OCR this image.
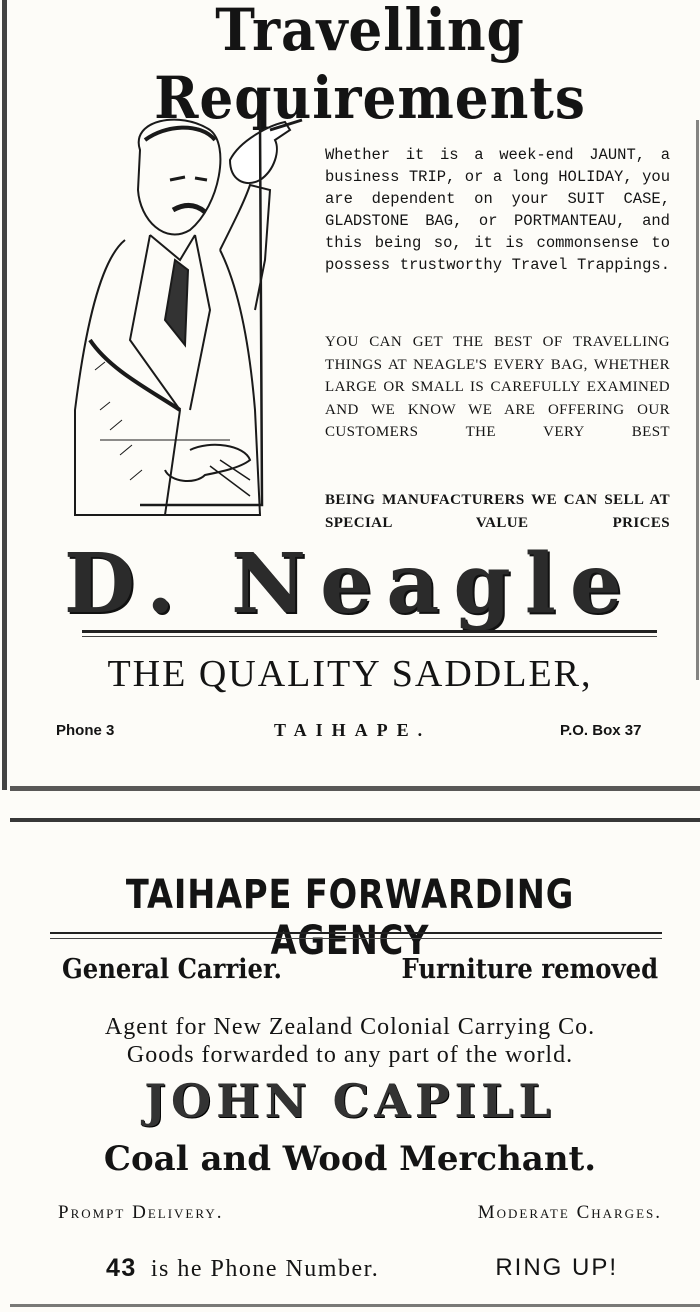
Travelling Requirements

Whether it is a week-end JAUNT, a business TRIP, or a long HOLIDAY, you are dependent on your SUIT CASE, GLADSTONE BAG, or PORTMANTEAU, and this being so, it is commonsense to possess trustworthy Travel Trappings.

YOU CAN GET THE BEST OF TRAVELLING THINGS AT NEAGLE'S EVERY BAG, WHETHER LARGE OR SMALL IS CAREFULLY EXAMINED AND WE KNOW WE ARE OFFERING OUR CUSTOMERS THE VERY BEST

BEING MANUFACTURERS WE CAN SELL AT SPECIAL VALUE PRICES

D. Neagle
THE QUALITY SADDLER,
Phone 3	TAIHAPE.	P.O. Box 37
TAIHAPE FORWARDING AGENCY
General Carrier.	Furniture removed
Agent for New Zealand Colonial Carrying Co.
Goods forwarded to any part of the world.
JOHN CAPILL
Coal and Wood Merchant.
Prompt Delivery.	Moderate Charges.
43 is he Phone Number.	RING UP!
